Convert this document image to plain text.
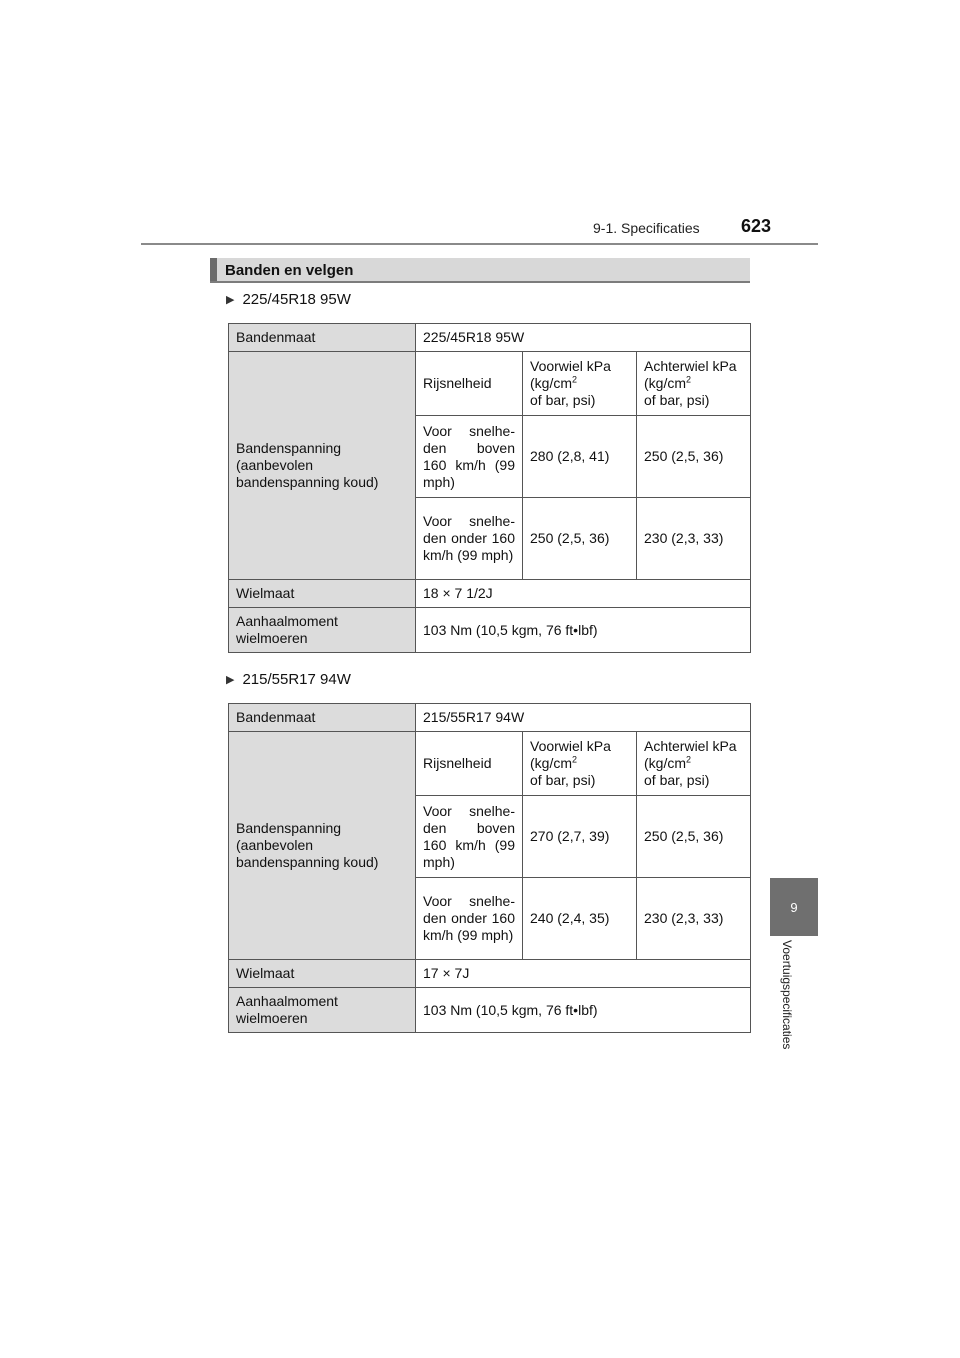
9-1. Specificaties 623
9
Voertuigspecificaties
Banden en velgen
▶ 225/45R18 95W
Bandenmaat	225/45R18 95W		
Bandenspanning (aanbevolen bandenspanning koud)	Rijsnelheid	Voorwiel kPa ($kg/cm^2$
of bar, psi)	Achterwiel kPa ($kg/cm^2$
of bar, psi)
	Voor snelhe-den boven 160 km/h (99 mph)	280 (2,8, 41)	250 (2,5, 36)
	Voor snelhe-den onder 160 km/h (99 mph)	250 (2,5, 36)	230 (2,3, 33)
Wielmaat	18 × 7 1/2J		
Aanhaalmoment wielmoeren	103 Nm (10,5 kgm, 76 ft•lbf)		
▶ 215/55R17 94W
Bandenmaat	215/55R17 94W		
Bandenspanning (aanbevolen bandenspanning koud)	Rijsnelheid	Voorwiel kPa ($kg/cm^2$
of bar, psi)	Achterwiel kPa ($kg/cm^2$
of bar, psi)
	Voor snelhe-den boven 160 km/h (99 mph)	270 (2,7, 39)	250 (2,5, 36)
	Voor snelhe-den onder 160 km/h (99 mph)	240 (2,4, 35)	230 (2,3, 33)
Wielmaat	17 × 7J		
Aanhaalmoment wielmoeren	103 Nm (10,5 kgm, 76 ft•lbf)		
